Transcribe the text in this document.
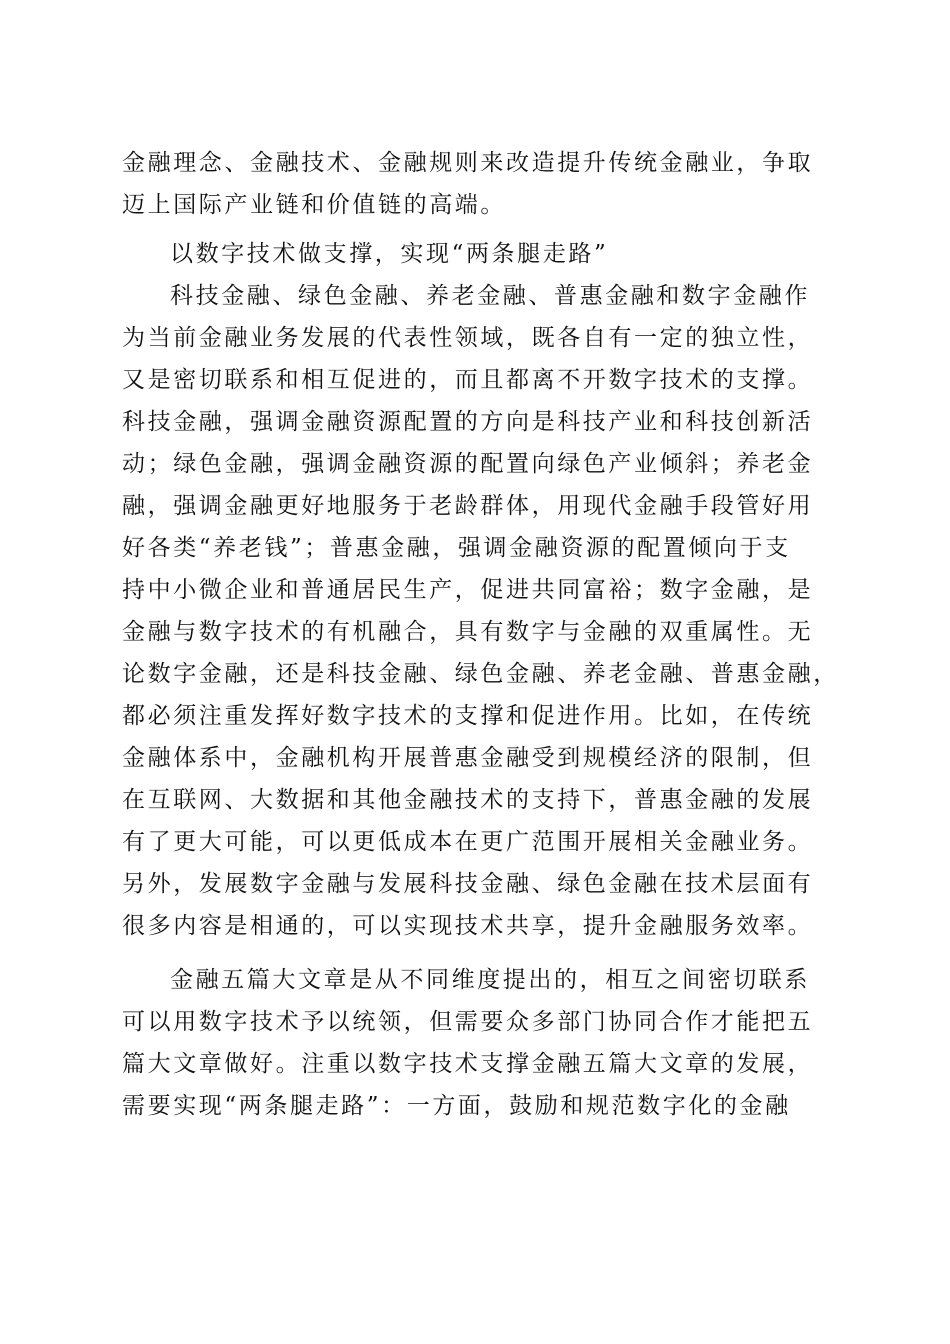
金融理念、金融技术、金融规则来改造提升传统金融业，争取
迈上国际产业链和价值链的高端。
以数字技术做支撑，实现“两条腿走路”
科技金融、绿色金融、养老金融、普惠金融和数字金融作
为当前金融业务发展的代表性领域，既各自有一定的独立性，
又是密切联系和相互促进的，而且都离不开数字技术的支撑。
科技金融，强调金融资源配置的方向是科技产业和科技创新活
动；绿色金融，强调金融资源的配置向绿色产业倾斜；养老金
融，强调金融更好地服务于老龄群体，用现代金融手段管好用
好各类“养老钱”；普惠金融，强调金融资源的配置倾向于支
持中小微企业和普通居民生产，促进共同富裕；数字金融，是
金融与数字技术的有机融合，具有数字与金融的双重属性。无
论数字金融，还是科技金融、绿色金融、养老金融、普惠金融，
都必须注重发挥好数字技术的支撑和促进作用。比如，在传统
金融体系中，金融机构开展普惠金融受到规模经济的限制，但
在互联网、大数据和其他金融技术的支持下，普惠金融的发展
有了更大可能，可以更低成本在更广范围开展相关金融业务。
另外，发展数字金融与发展科技金融、绿色金融在技术层面有
很多内容是相通的，可以实现技术共享，提升金融服务效率。
金融五篇大文章是从不同维度提出的，相互之间密切联系
可以用数字技术予以统领，但需要众多部门协同合作才能把五
篇大文章做好。注重以数字技术支撑金融五篇大文章的发展，
需要实现“两条腿走路”：一方面，鼓励和规范数字化的金融
